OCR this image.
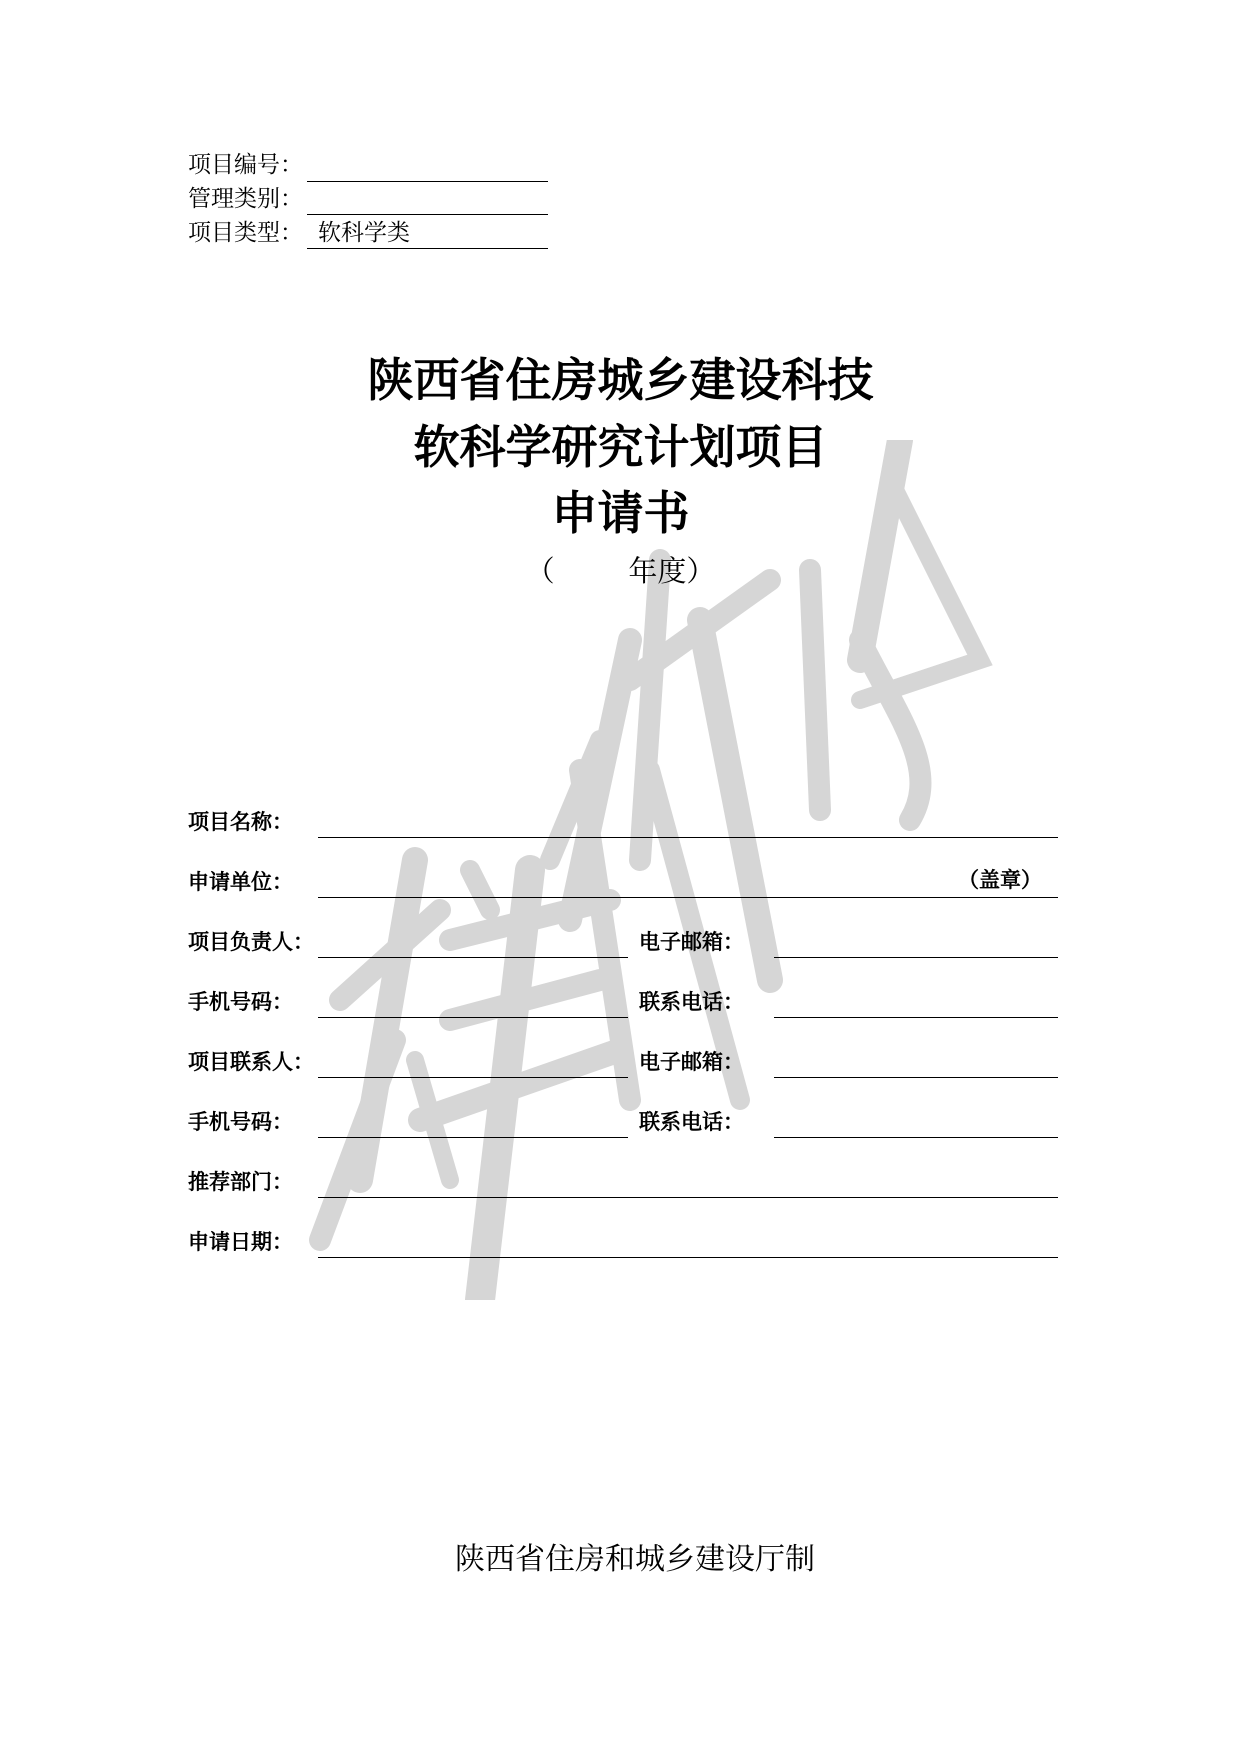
项目编号：
管理类别：
项目类型： 软科学类
陕西省住房城乡建设科技
软科学研究计划项目
申请书
（        年度）
项目名称：
申请单位：	（盖章）
项目负责人：	电子邮箱：
手机号码：	联系电话：
项目联系人：	电子邮箱：
手机号码：	联系电话：
推荐部门：
申请日期：
陕西省住房和城乡建设厅制
